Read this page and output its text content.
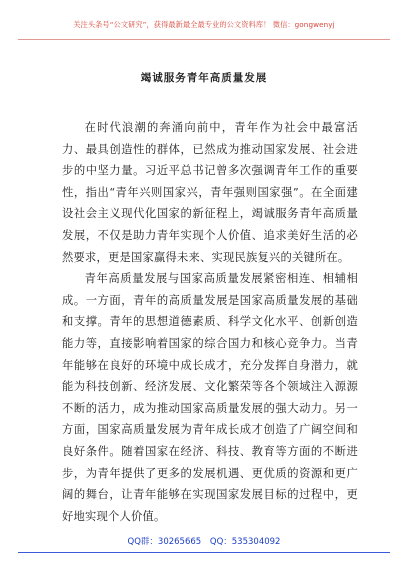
关注头条号“公文研究”，获得最新最全最专业的公文资料库！ 微信：gongwenyj
竭诚服务青年高质量发展

在时代浪潮的奔涌向前中，青年作为社会中最富活力、最具创造性的群体，已然成为推动国家发展、社会进步的中坚力量。习近平总书记曾多次强调青年工作的重要性，指出“青年兴则国家兴，青年强则国家强”。在全面建设社会主义现代化国家的新征程上，竭诚服务青年高质量发展，不仅是助力青年实现个人价值、追求美好生活的必然要求，更是国家赢得未来、实现民族复兴的关键所在。

青年高质量发展与国家高质量发展紧密相连、相辅相成。一方面，青年的高质量发展是国家高质量发展的基础和支撑。青年的思想道德素质、科学文化水平、创新创造能力等，直接影响着国家的综合国力和核心竞争力。当青年能够在良好的环境中成长成才，充分发挥自身潜力，就能为科技创新、经济发展、文化繁荣等各个领域注入源源不断的活力，成为推动国家高质量发展的强大动力。另一方面，国家高质量发展为青年成长成才创造了广阔空间和良好条件。随着国家在经济、科技、教育等方面的不断进步，为青年提供了更多的发展机遇、更优质的资源和更广阔的舞台，让青年能够在实现国家发展目标的过程中，更好地实现个人价值。

QQ群：30265665 QQ：535304092
